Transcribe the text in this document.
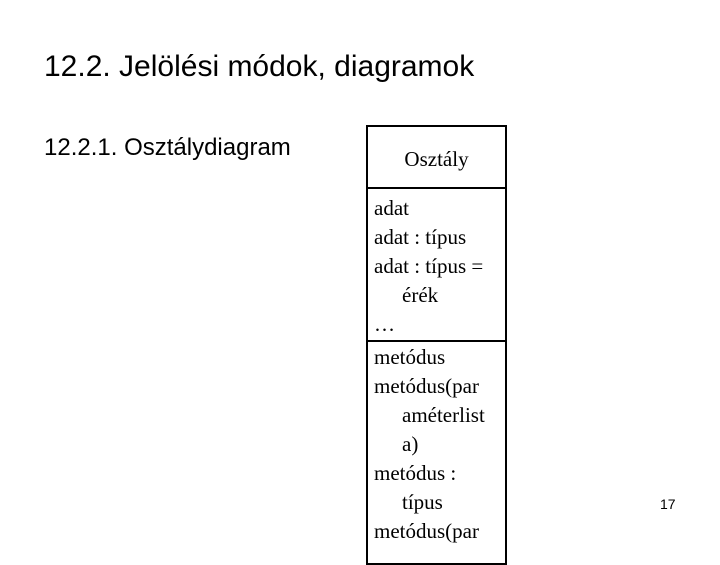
12.2. Jelölési módok, diagramok
12.2.1. Osztálydiagram	Osztály
adat
adat : típus
adat : típus =
érék
…
metódus
metódus(par
améterlist
a)
metódus :
típus
metódus(par
17
